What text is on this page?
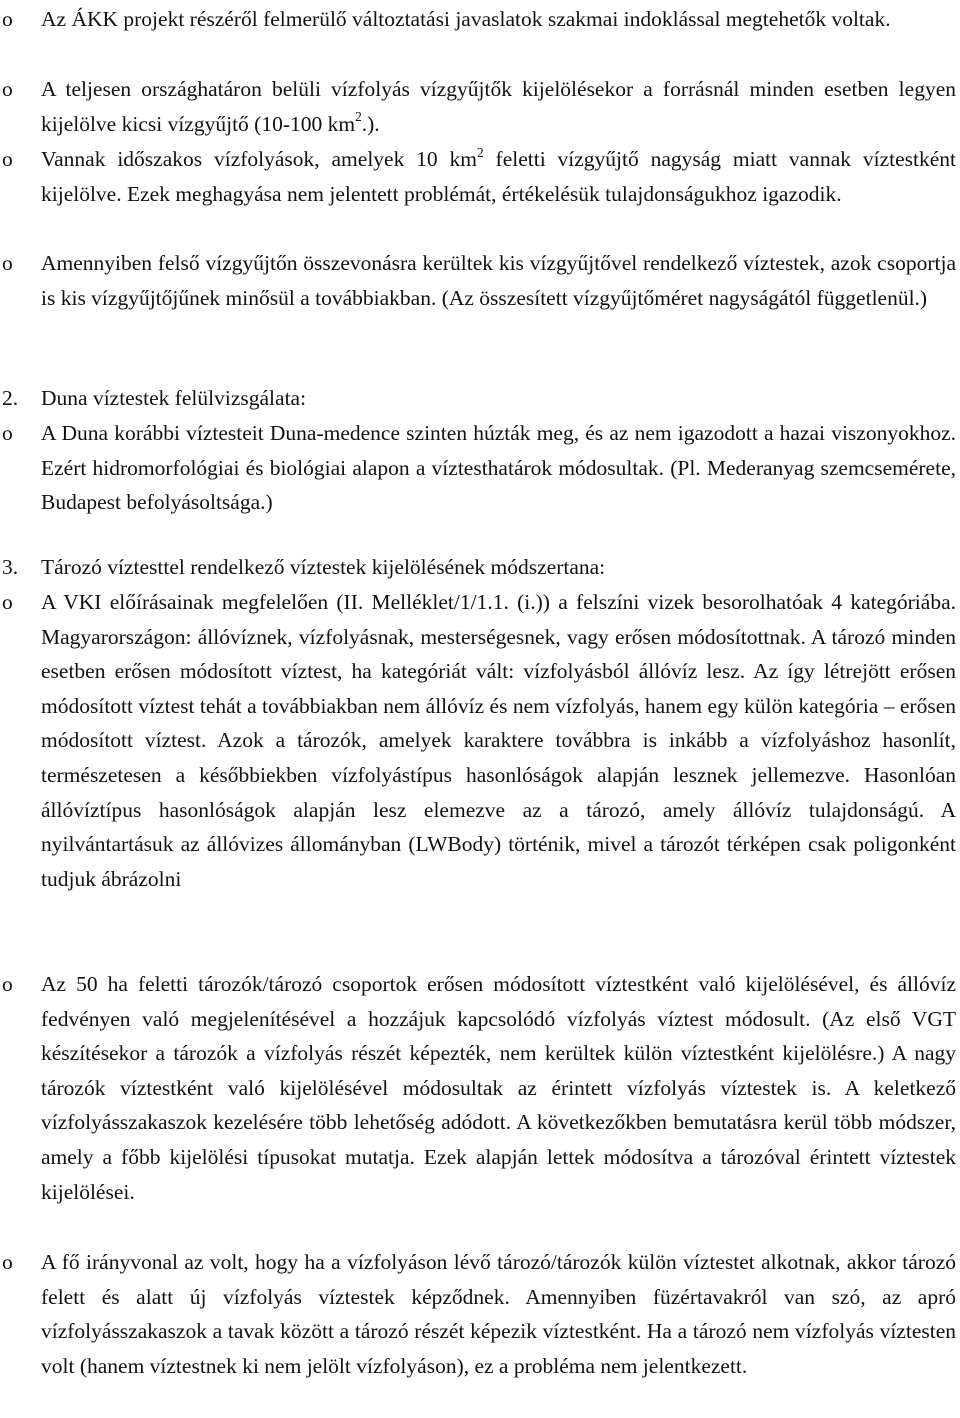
o	Az ÁKK projekt részéről felmerülő változtatási javaslatok szakmai indoklással megtehetők voltak.
o	A teljesen országhatáron belüli vízfolyás vízgyűjtők kijelölésekor a forrásnál minden esetben legyen kijelölve kicsi vízgyűjtő (10-100 $km^2$.).
o	Vannak időszakos vízfolyások, amelyek 10 $km^2$ feletti vízgyűjtő nagyság miatt vannak víztestként kijelölve. Ezek meghagyása nem jelentett problémát, értékelésük tulajdonságukhoz igazodik.
o	Amennyiben felső vízgyűjtőn összevonásra kerültek kis vízgyűjtővel rendelkező víztestek, azok csoportja is kis vízgyűjtőjűnek minősül a továbbiakban. (Az összesített vízgyűjtőméret nagyságától függetlenül.)
2.	Duna víztestek felülvizsgálata:
o	A Duna korábbi víztesteit Duna-medence szinten húzták meg, és az nem igazodott a hazai viszonyokhoz. Ezért hidromorfológiai és biológiai alapon a víztesthatárok módosultak. (Pl. Mederanyag szemcsemérete, Budapest befolyásoltsága.)
3.	Tározó víztesttel rendelkező víztestek kijelölésének módszertana:
o	A VKI előírásainak megfelelően (II. Melléklet/1/1.1. (i.)) a felszíni vizek besorolhatóak 4 kategóriába. Magyarországon: állóvíznek, vízfolyásnak, mesterségesnek, vagy erősen módosítottnak. A tározó minden esetben erősen módosított víztest, ha kategóriát vált: vízfolyásból állóvíz lesz. Az így létrejött erősen módosított víztest tehát a továbbiakban nem állóvíz és nem vízfolyás, hanem egy külön kategória – erősen módosított víztest. Azok a tározók, amelyek karaktere továbbra is inkább a vízfolyáshoz hasonlít, természetesen a későbbiekben vízfolyástípus hasonlóságok alapján lesznek jellemezve. Hasonlóan állóvíztípus hasonlóságok alapján lesz elemezve az a tározó, amely állóvíz tulajdonságú. A nyilvántartásuk az állóvizes állományban (LWBody) történik, mivel a tározót térképen csak poligonként tudjuk ábrázolni
o	Az 50 ha feletti tározók/tározó csoportok erősen módosított víztestként való kijelölésével, és állóvíz fedvényen való megjelenítésével a hozzájuk kapcsolódó vízfolyás víztest módosult. (Az első VGT készítésekor a tározók a vízfolyás részét képezték, nem kerültek külön víztestként kijelölésre.) A nagy tározók víztestként való kijelölésével módosultak az érintett vízfolyás víztestek is. A keletkező vízfolyásszakaszok kezelésére több lehetőség adódott. A következőkben bemutatásra kerül több módszer, amely a főbb kijelölési típusokat mutatja. Ezek alapján lettek módosítva a tározóval érintett víztestek kijelölései.
o	A fő irányvonal az volt, hogy ha a vízfolyáson lévő tározó/tározók külön víztestet alkotnak, akkor tározó felett és alatt új vízfolyás víztestek képződnek. Amennyiben füzértavakról van szó, az apró vízfolyásszakaszok a tavak között a tározó részét képezik víztestként. Ha a tározó nem vízfolyás víztesten volt (hanem víztestnek ki nem jelölt vízfolyáson), ez a probléma nem jelentkezett.
